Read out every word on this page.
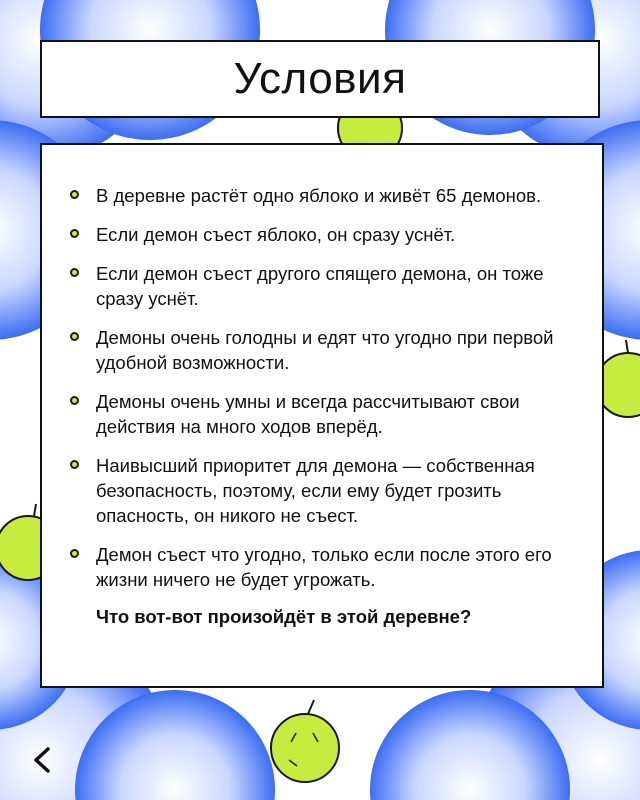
Условия
В деревне растёт одно яблоко и живёт 65 демонов.
Если демон съест яблоко, он сразу уснёт.
Если демон съест другого спящего демона, он тоже сразу уснёт.
Демоны очень голодны и едят что угодно при первой удобной возможности.
Демоны очень умны и всегда рассчитывают свои действия на много ходов вперёд.
Наивысший приоритет для демона — собственная безопасность, поэтому, если ему будет грозить опасность, он никого не съест.
Демон съест что угодно, только если после этого его жизни ничего не будет угрожать.
Что вот-вот произойдёт в этой деревне?
